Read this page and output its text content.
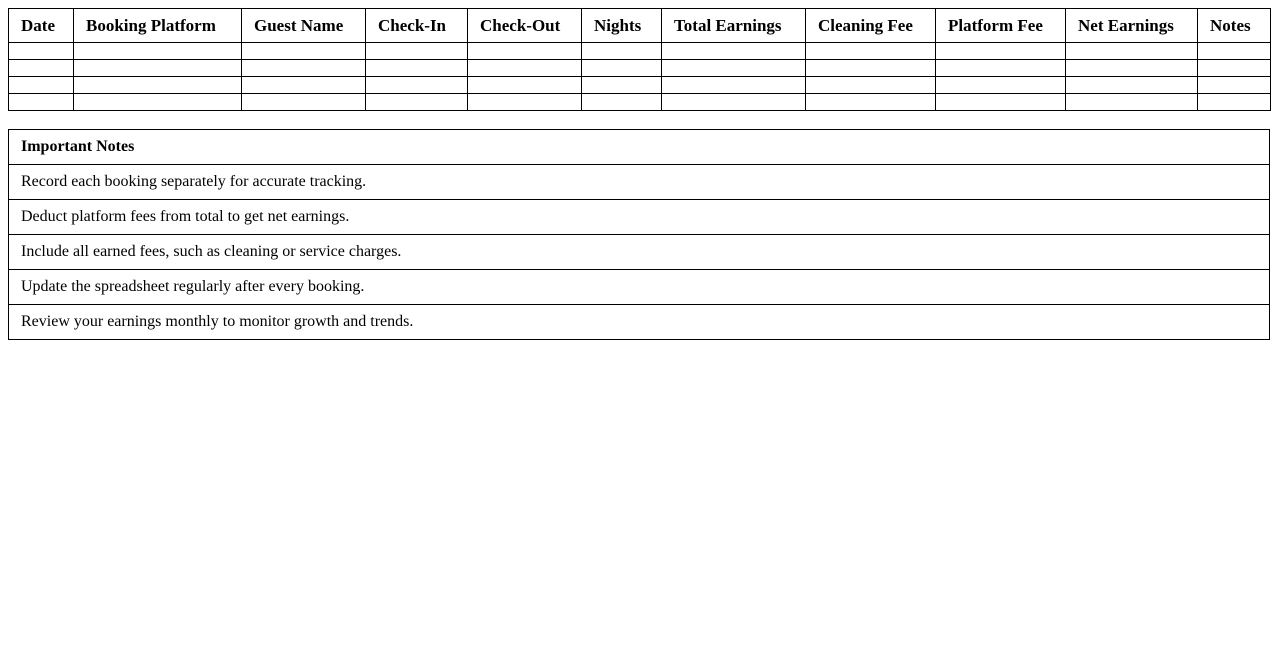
Date	Booking Platform	Guest Name	Check-In	Check-Out	Nights	Total Earnings	Cleaning Fee	Platform Fee	Net Earnings	Notes

Important Notes
Record each booking separately for accurate tracking.
Deduct platform fees from total to get net earnings.
Include all earned fees, such as cleaning or service charges.
Update the spreadsheet regularly after every booking.
Review your earnings monthly to monitor growth and trends.
